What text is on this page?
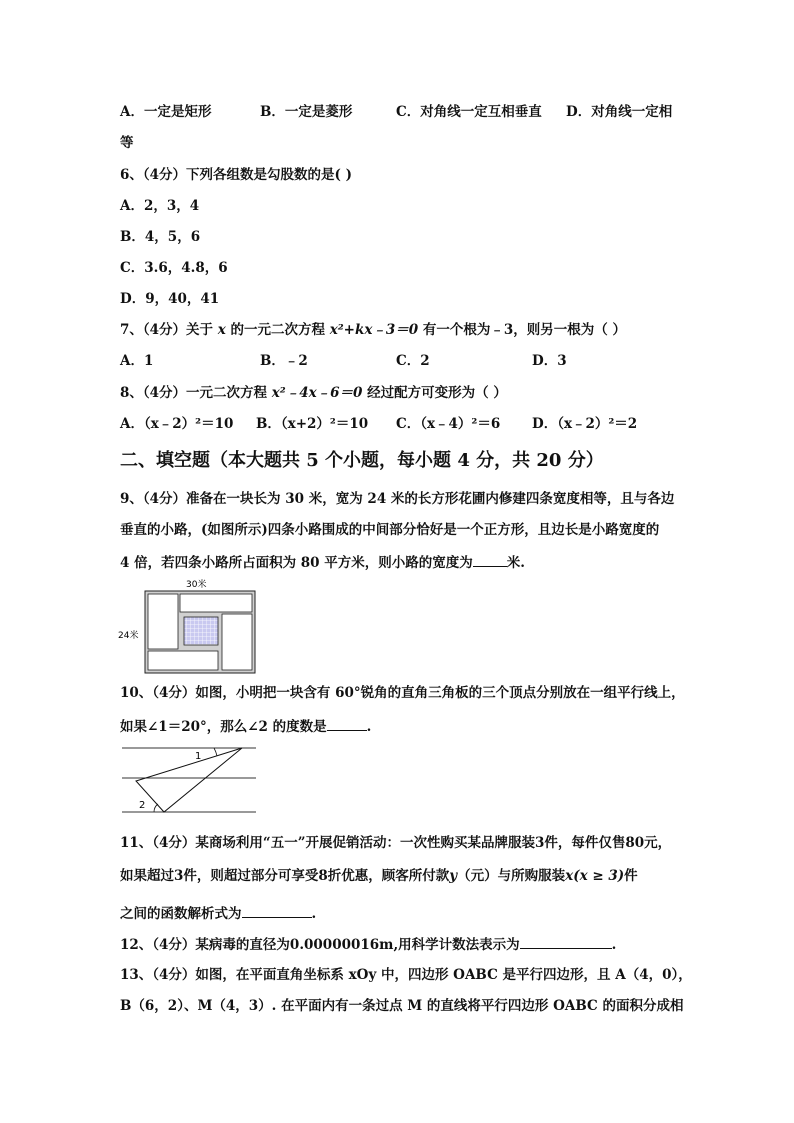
A．一定是矩形	B．一定是菱形	C．对角线一定互相垂直 D．对角线一定相
等
6、（4分）下列各组数是勾股数的是( )
A．2，3，4
B．4，5，6
C．3.6，4.8，6
D．9，40，41
7、（4分）关于 x 的一元二次方程 x²+kx﹣3＝0 有一个根为﹣3，则另一根为（ ）
A．1	B．﹣2	C．2	D．3
8、（4分）一元二次方程 x²﹣4x﹣6＝0 经过配方可变形为（ ）
A．（x﹣2）²＝10 B．（x+2）²＝10 C．（x﹣4）²＝6 D．（x﹣2）²＝2
二、填空题（本大题共 5 个小题，每小题 4 分，共 20 分）
9、（4分）准备在一块长为 30 米，宽为 24 米的长方形花圃内修建四条宽度相等，且与各边
垂直的小路，(如图所示)四条小路围成的中间部分恰好是一个正方形，且边长是小路宽度的
4 倍，若四条小路所占面积为 80 平方米，则小路的宽度为	米.
30米
24米
10、（4分）如图，小明把一块含有 60°锐角的直角三角板的三个顶点分别放在一组平行线上，
如果∠1＝20°，那么∠2 的度数是	.
1
2
11、（4分）某商场利用“五一”开展促销活动：一次性购买某品牌服装3件，每件仅售80元，
如果超过3件，则超过部分可享受8折优惠，顾客所付款y（元）与所购服装x(x ≥ 3)件
之间的函数解析式为	.
12、（4分）某病毒的直径为0.00000016m,用科学计数法表示为	.
13、（4分）如图，在平面直角坐标系 xOy 中，四边形 OABC 是平行四边形，且 A（4，0），
B（6，2）、M（4，3）. 在平面内有一条过点 M 的直线将平行四边形 OABC 的面积分成相
